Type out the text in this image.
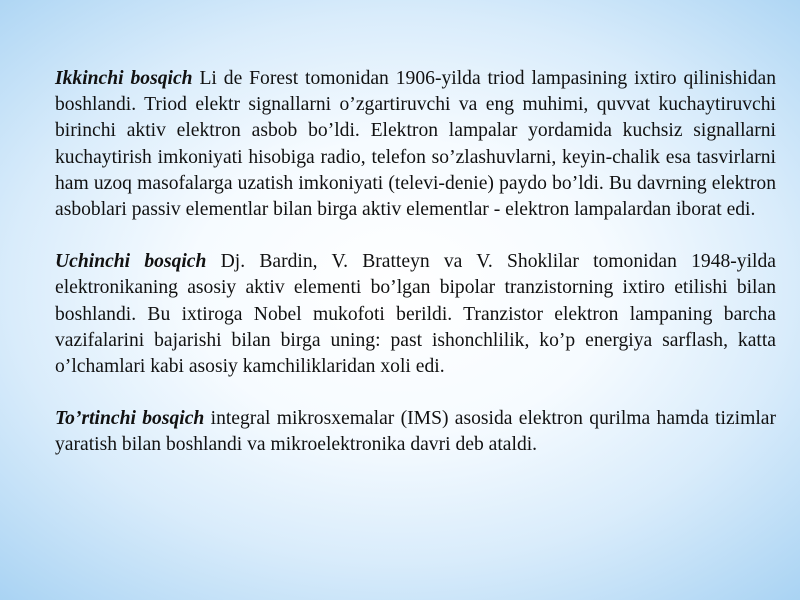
Ikkinchi bosqich Li de Forest tomonidan 1906-yilda triod lampasining ixtiro qilinishidan boshlandi. Triod elektr signallarni o’zgartiruvchi va eng muhimi, quvvat kuchaytiruvchi birinchi aktiv elektron asbob bo’ldi. Elektron lampalar yordamida kuchsiz signallarni kuchaytirish imkoniyati hisobiga radio, telefon so’zlashuvlarni, keyin-chalik esa tasvirlarni ham uzoq masofalarga uzatish imkoniyati (televi-denie) paydo bo’ldi. Bu davrning elektron asboblari passiv elementlar bilan birga aktiv elementlar - elektron lampalardan iborat edi.

Uchinchi bosqich Dj. Bardin, V. Bratteyn va V. Shoklilar tomonidan 1948-yilda elektronikaning asosiy aktiv elementi bo’lgan bipolar tranzistorning ixtiro etilishi bilan boshlandi. Bu ixtiroga Nobel mukofoti berildi. Tranzistor elektron lampaning barcha vazifalarini bajarishi bilan birga uning: past ishonchlilik, ko’p energiya sarflash, katta o’lchamlari kabi asosiy kamchiliklaridan xoli edi.

To’rtinchi bosqich integral mikrosxemalar (IMS) asosida elektron qurilma hamda tizimlar yaratish bilan boshlandi va mikroelektronika davri deb ataldi.
